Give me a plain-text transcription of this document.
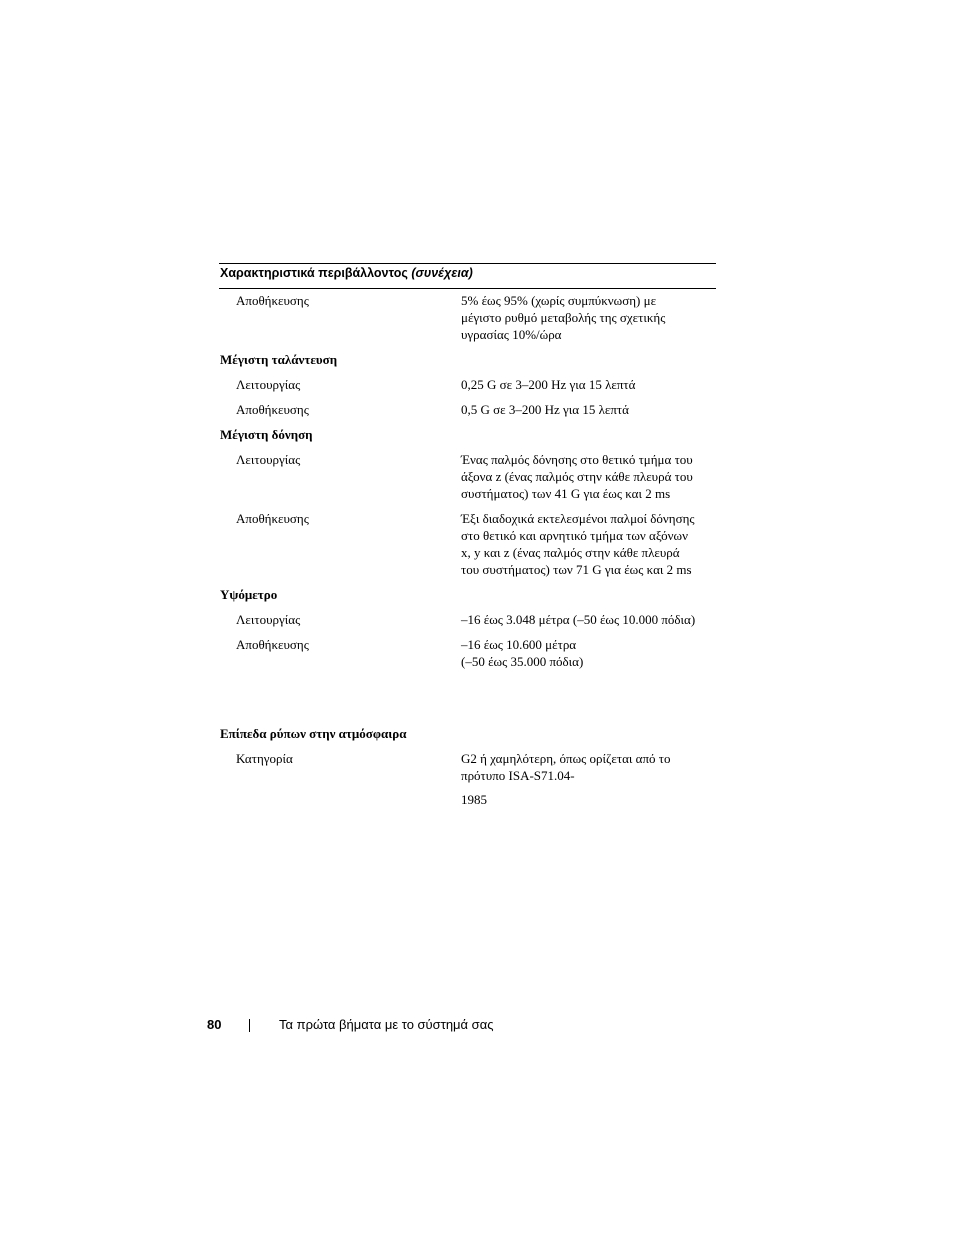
Χαρακτηριστικά περιβάλλοντος (συνέχεια)
Αποθήκευσης	5% έως 95% (χωρίς συμπύκνωση) με
μέγιστο ρυθμό μεταβολής της σχετικής
υγρασίας 10%/ώρα
Μέγιστη ταλάντευση
Λειτουργίας	0,25 G σε 3–200 Hz για 15 λεπτά
Αποθήκευσης	0,5 G σε 3–200 Hz για 15 λεπτά
Μέγιστη δόνηση
Λειτουργίας	Ένας παλμός δόνησης στο θετικό τμήμα του
άξονα z (ένας παλμός στην κάθε πλευρά του
συστήματος) των 41 G για έως και 2 ms
Αποθήκευσης	Έξι διαδοχικά εκτελεσμένοι παλμοί δόνησης
στο θετικό και αρνητικό τμήμα των αξόνων
x, y και z (ένας παλμός στην κάθε πλευρά
του συστήματος) των 71 G για έως και 2 ms
Υψόμετρο
Λειτουργίας	–16 έως 3.048 μέτρα (–50 έως 10.000 πόδια)
Αποθήκευσης	–16 έως 10.600 μέτρα
(–50 έως 35.000 πόδια)
Επίπεδα ρύπων στην ατμόσφαιρα
Κατηγορία	G2 ή χαμηλότερη, όπως ορίζεται από το
πρότυπο ISA-S71.04-
1985
80	Τα πρώτα βήματα με το σύστημά σας
